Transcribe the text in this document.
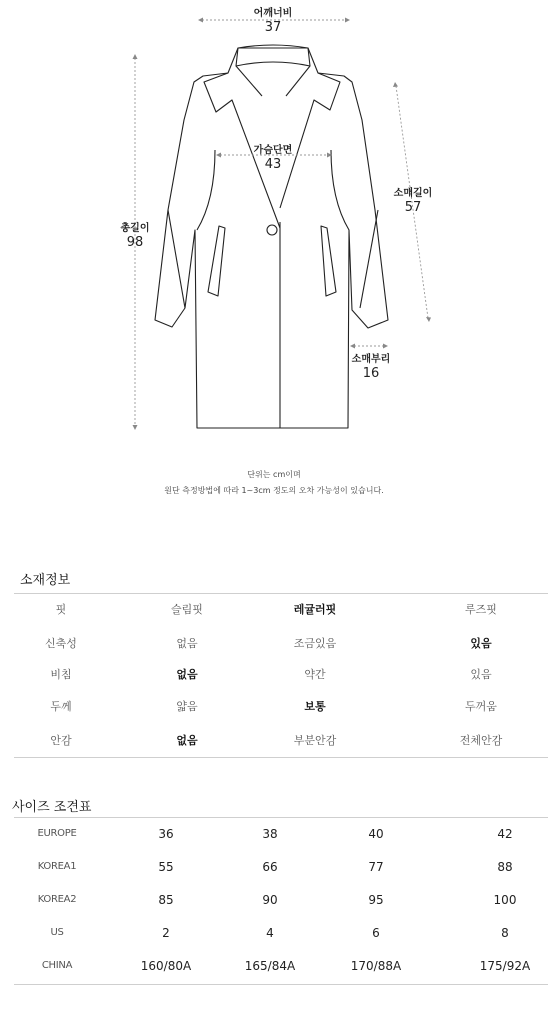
어깨너비
37
가슴단면
43
총길이
98
소매길이
57
소매부리
16
단위는 cm이며
원단 측정방법에 따라 1~3cm 정도의 오차 가능성이 있습니다.
소재정보
핏	슬림핏	레귤러핏	루즈핏
신축성	없음	조금있음	있음
비침	없음	약간	있음
두께	얇음	보통	두꺼움
안감	없음	부분안감	전체안감
사이즈 조견표
EUROPE	36	38	40	42
KOREA1	55	66	77	88
KOREA2	85	90	95	100
US	2	4	6	8
CHINA	160/80A	165/84A	170/88A	175/92A
